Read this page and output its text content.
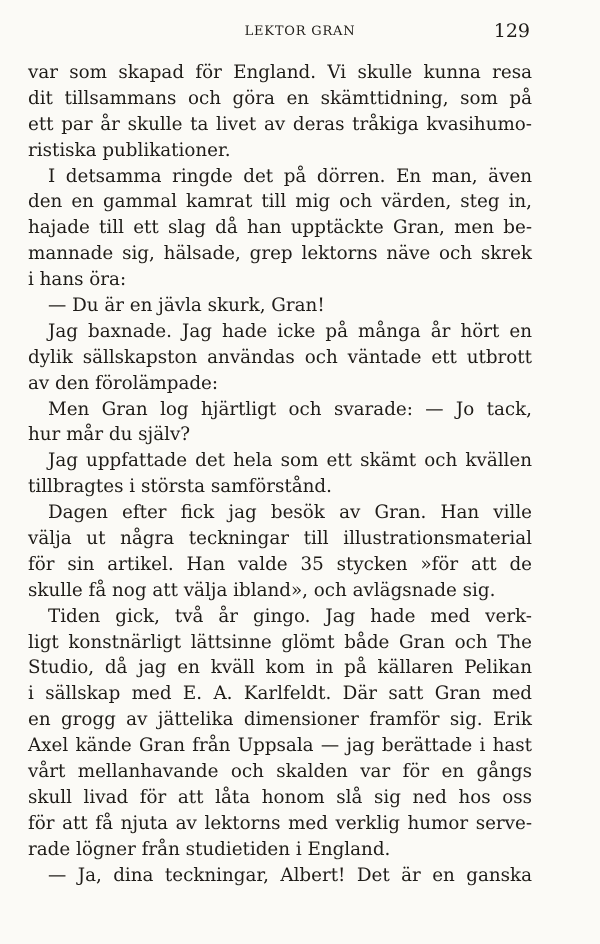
LEKTOR GRAN	129
var som skapad för England. Vi skulle kunna resa
dit tillsammans och göra en skämttidning, som på
ett par år skulle ta livet av deras tråkiga kvasihumo-
ristiska publikationer.
I detsamma ringde det på dörren. En man, även
den en gammal kamrat till mig och värden, steg in,
hajade till ett slag då han upptäckte Gran, men be-
mannade sig, hälsade, grep lektorns näve och skrek
i hans öra:
— Du är en jävla skurk, Gran!
Jag baxnade. Jag hade icke på många år hört en
dylik sällskapston användas och väntade ett utbrott
av den förolämpade:
Men Gran log hjärtligt och svarade: — Jo tack,
hur mår du själv?
Jag uppfattade det hela som ett skämt och kvällen
tillbragtes i största samförstånd.
Dagen efter fick jag besök av Gran. Han ville
välja ut några teckningar till illustrationsmaterial
för sin artikel. Han valde 35 stycken »för att de
skulle få nog att välja ibland», och avlägsnade sig.
Tiden gick, två år gingo. Jag hade med verk-
ligt konstnärligt lättsinne glömt både Gran och The
Studio, då jag en kväll kom in på källaren Pelikan
i sällskap med E. A. Karlfeldt. Där satt Gran med
en grogg av jättelika dimensioner framför sig. Erik
Axel kände Gran från Uppsala — jag berättade i hast
vårt mellanhavande och skalden var för en gångs
skull livad för att låta honom slå sig ned hos oss
för att få njuta av lektorns med verklig humor serve-
rade lögner från studietiden i England.
— Ja, dina teckningar, Albert! Det är en ganska
